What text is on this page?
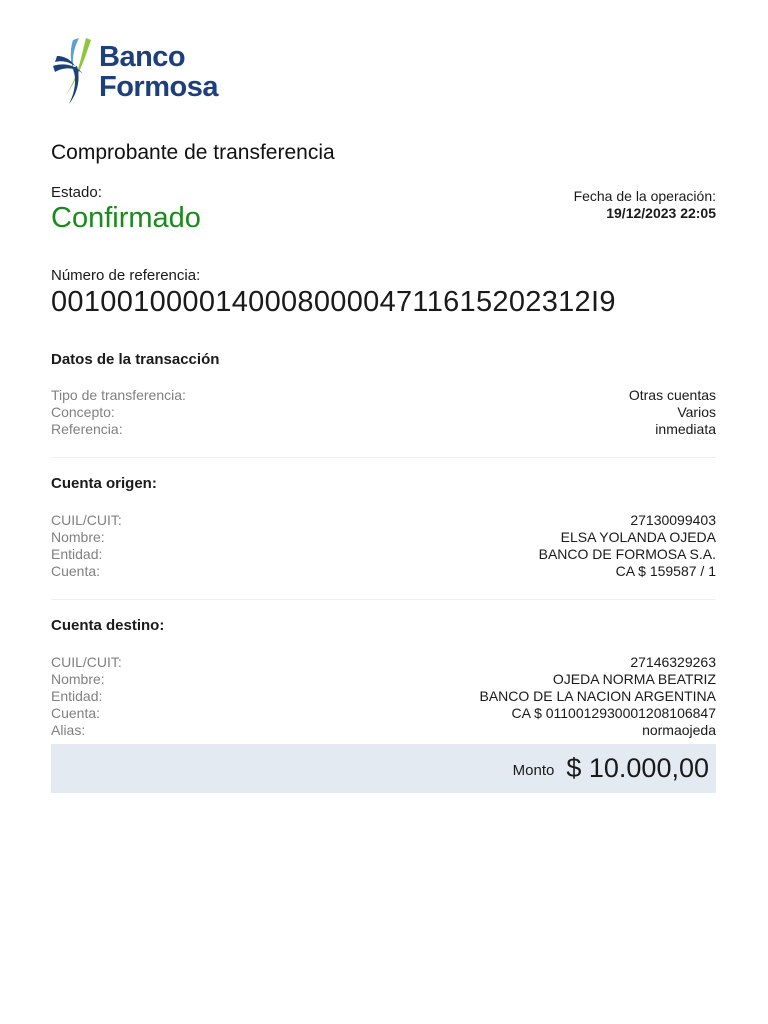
Banco
Formosa
Comprobante de transferencia
Estado:
Confirmado
Fecha de la operación:
19/12/2023 22:05
Número de referencia:
001001000014000800004711615202312I9
Datos de la transacción
Tipo de transferencia:	Otras cuentas
Concepto:	Varios
Referencia:	inmediata
Cuenta origen:
CUIL/CUIT:	27130099403
Nombre:	ELSA YOLANDA OJEDA
Entidad:	BANCO DE FORMOSA S.A.
Cuenta:	CA $ 159587 / 1
Cuenta destino:
CUIL/CUIT:	27146329263
Nombre:	OJEDA NORMA BEATRIZ
Entidad:	BANCO DE LA NACION ARGENTINA
Cuenta:	CA $ 0110012930001208106847
Alias:	normaojeda
Monto $ 10.000,00
